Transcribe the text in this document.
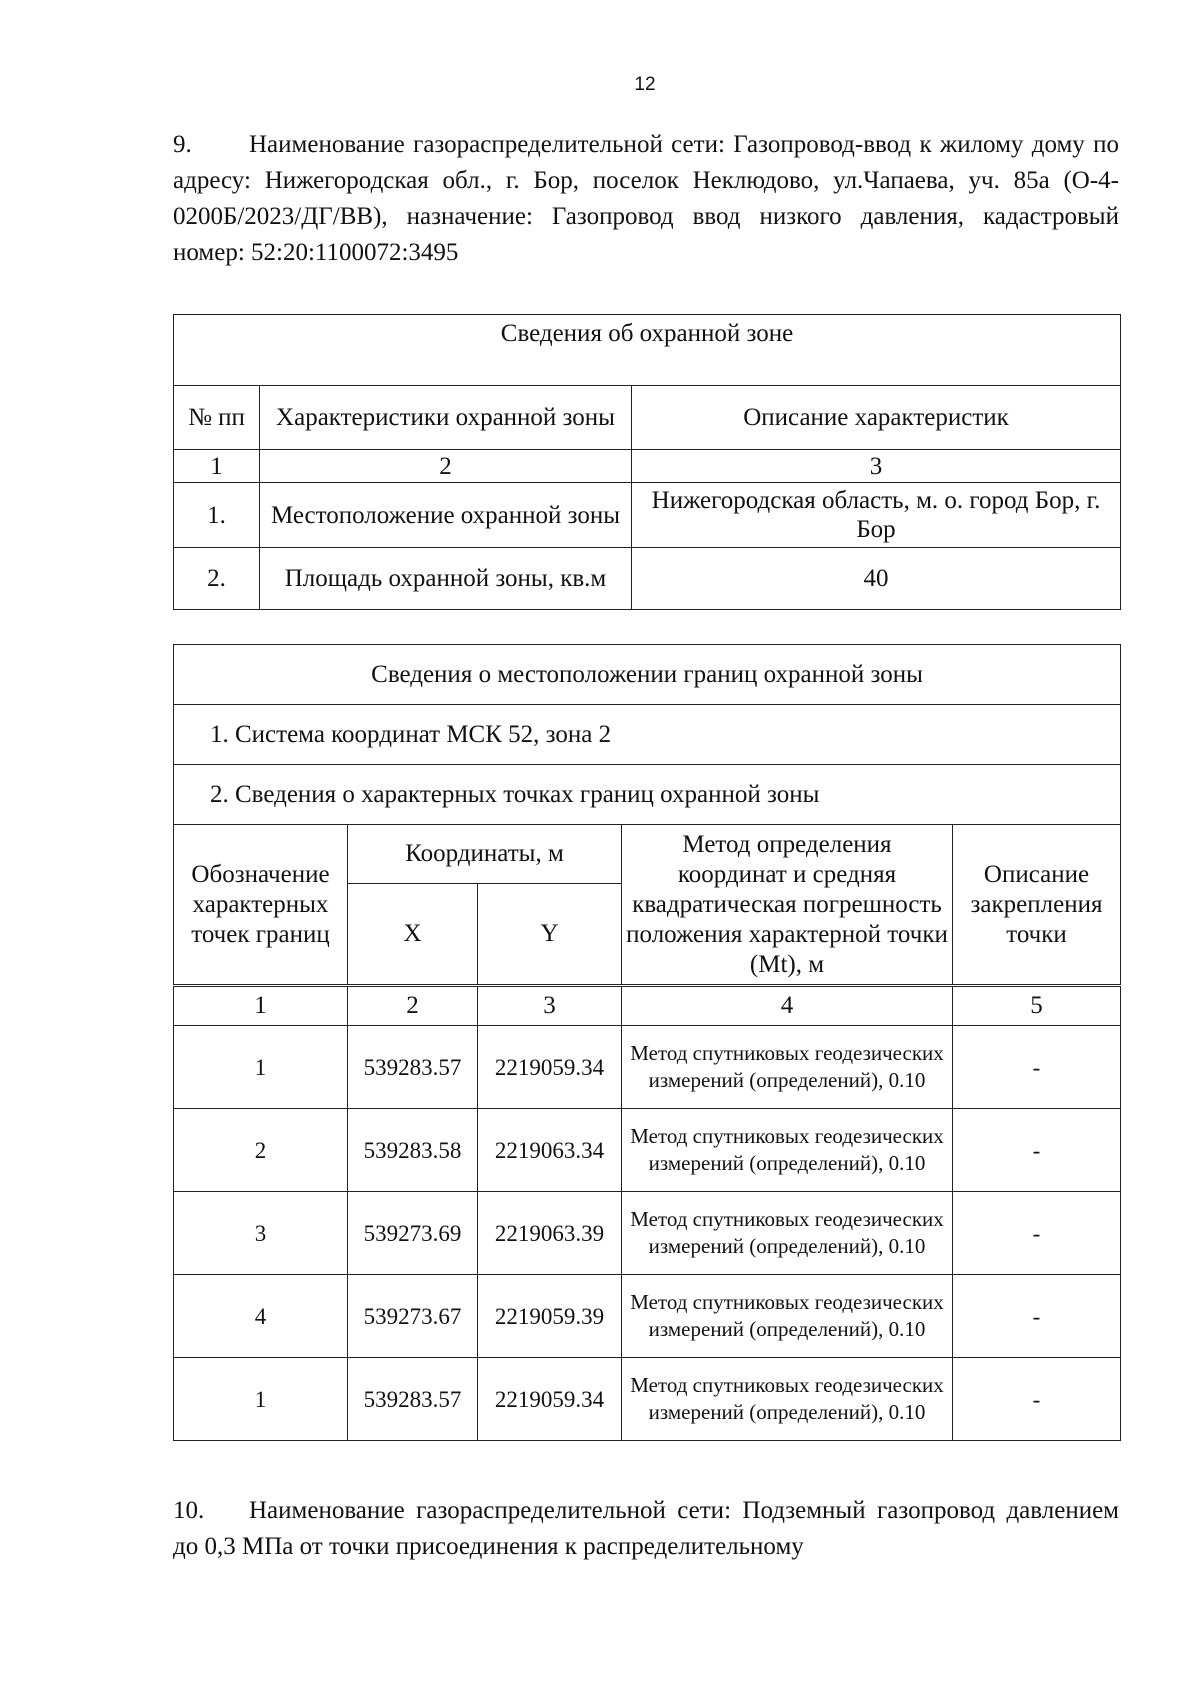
12
9. Наименование газораспределительной сети: Газопровод-ввод к жилому дому по адресу: Нижегородская обл., г. Бор, поселок Неклюдово, ул.Чапаева, уч. 85а (О-4-0200Б/2023/ДГ/ВВ), назначение: Газопровод ввод низкого давления, кадастровый номер: 52:20:1100072:3495
Сведения об охранной зоне		
№ пп	Характеристики охранной зоны	Описание характеристик
1	2	3
1.	Местоположение охранной зоны	Нижегородская область, м. о. город Бор, г. Бор
2.	Площадь охранной зоны, кв.м	40
Сведения о местоположении границ охранной зоны				
1. Система координат МСК 52, зона 2				
2. Сведения о характерных точках границ охранной зоны				
Обозначение характерных точек границ	Координаты, м		Метод определения координат и средняя квадратическая погрешность положения характерной точки (Mt), м	Описание закрепления точки
	X	Y		
1	2	3	4	5
1	539283.57	2219059.34	Метод спутниковых геодезических измерений (определений), 0.10	-
2	539283.58	2219063.34	Метод спутниковых геодезических измерений (определений), 0.10	-
3	539273.69	2219063.39	Метод спутниковых геодезических измерений (определений), 0.10	-
4	539273.67	2219059.39	Метод спутниковых геодезических измерений (определений), 0.10	-
1	539283.57	2219059.34	Метод спутниковых геодезических измерений (определений), 0.10	-
10. Наименование газораспределительной сети: Подземный газопровод давлением до 0,3 МПа от точки присоединения к распределительному
